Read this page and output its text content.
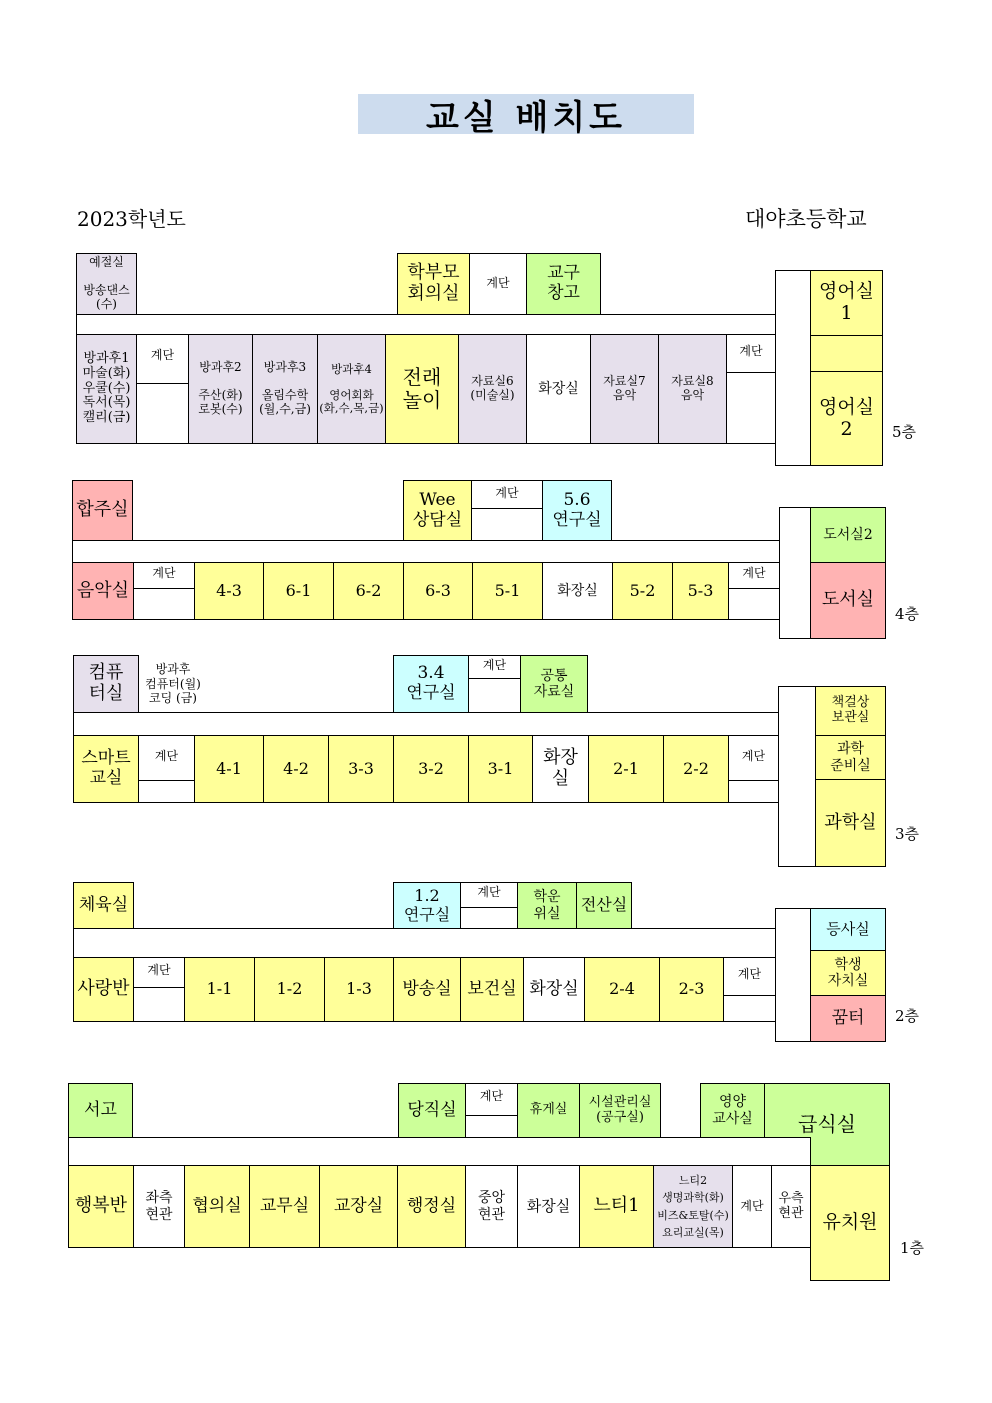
교실 배치도
2023학년도	대야초등학교
예절실

방송댄스
(수)
학부모
회의실	계단	교구
창고
방과후1
마술(화)
우쿨(수)
독서(목)
캘리(금)
계단
방과후2

주산(화)
로봇(수)
방과후3

올림수학
(월,수,금)
방과후4

영어회화
(화,수,목,금)
전래
놀이
자료실6
(미술실)	화장실	자료실7
음악
자료실8
음악
계단
영어실
1
영어실
2	5층
합주실	Wee
상담실
계단	5.6
연구실
음악실
계단
4-3	6-1	6-2	6-3	5-1	화장실	5-2	5-3
계단
도서실2
도서실
4층
컴퓨
터실
방과후
컴퓨터(월)
코딩 (금)
3.4
연구실
계단
공통
자료실
스마트
교실
계단
4-1	4-2	3-3	3-2	3-1	화장
실	2-1	2-2
계단
책걸상
보관실
과학
준비실
과학실
3층
체육실	1.2
연구실
계단	학운
위실	전산실
사랑반
계단
1-1	1-2	1-3	방송실 보건실 화장실	2-4	2-3
계단
등사실
학생
자치실
꿈터	2층
서고	당직실
계단
휴게실	시설관리실
(공구실)
영양
교사실	급식실
행복반	좌측
현관	협의실	교무실	교장실	행정실	중앙
현관	화장실	느티1
느티2
생명과학(화)
비즈&토탈(수)
요리교실(목)
계단
우측
현관 유치원
1층
